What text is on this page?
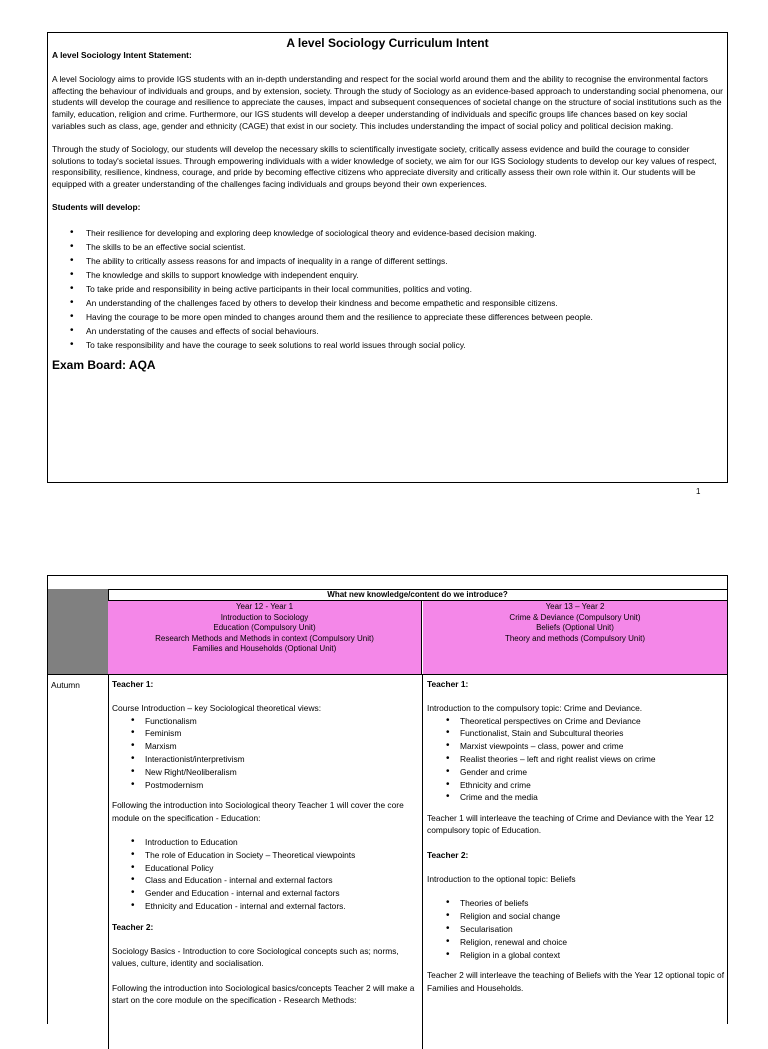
A level Sociology Curriculum Intent

A level Sociology Intent Statement:

A level Sociology aims to provide IGS students with an in-depth understanding and respect for the social world around them and the ability to recognise the environmental factors affecting the behaviour of individuals and groups, and by extension, society. Through the study of Sociology as an evidence-based approach to understanding social phenomena, our students will develop the courage and resilience to appreciate the causes, impact and subsequent consequences of societal change on the structure of social institutions such as the family, education, religion and crime. Furthermore, our IGS students will develop a deeper understanding of individuals and specific groups life chances based on key social variables such as class, age, gender and ethnicity (CAGE) that exist in our society. This includes understanding the impact of social policy and political decision making.

Through the study of Sociology, our students will develop the necessary skills to scientifically investigate society, critically assess evidence and build the courage to consider solutions to today's societal issues. Through empowering individuals with a wider knowledge of society, we aim for our IGS Sociology students to develop our key values of respect, responsibility, resilience, kindness, courage, and pride by becoming effective citizens who appreciate diversity and critically assess their own role within it. Our students will be equipped with a greater understanding of the challenges facing individuals and groups beyond their own experiences.

Students will develop:

• Their resilience for developing and exploring deep knowledge of sociological theory and evidence-based decision making.
• The skills to be an effective social scientist.
• The ability to critically assess reasons for and impacts of inequality in a range of different settings.
• The knowledge and skills to support knowledge with independent enquiry.
• To take pride and responsibility in being active participants in their local communities, politics and voting.
• An understanding of the challenges faced by others to develop their kindness and become empathetic and responsible citizens.
• Having the courage to be more open minded to changes around them and the resilience to appreciate these differences between people.
• An understating of the causes and effects of social behaviours.
• To take responsibility and have the courage to seek solutions to real world issues through social policy.
Exam Board: AQA
1
What new knowledge/content do we introduce?
Year 12 - Year 1
Introduction to Sociology
Education (Compulsory Unit)
Research Methods and Methods in context (Compulsory Unit)
Families and Households (Optional Unit)
Year 13 – Year 2
Crime & Deviance (Compulsory Unit)
Beliefs (Optional Unit)
Theory and methods (Compulsory Unit)
Autumn	Teacher 1:

Course Introduction – key Sociological theoretical views:

• Functionalism
• Feminism
• Marxism
• Interactionist/interpretivism
• New Right/Neoliberalism
• Postmodernism

Following the introduction into Sociological theory Teacher 1 will cover the core module on the specification - Education:

• Introduction to Education
• The role of Education in Society – Theoretical viewpoints
• Educational Policy
• Class and Education - internal and external factors
• Gender and Education - internal and external factors
• Ethnicity and Education - internal and external factors.

Teacher 2:

Sociology Basics - Introduction to core Sociological concepts such as; norms, values, culture, identity and socialisation.

Following the introduction into Sociological basics/concepts Teacher 2 will make a start on the core module on the specification - Research Methods:

Teacher 1:

Introduction to the compulsory topic: Crime and Deviance.

• Theoretical perspectives on Crime and Deviance
• Functionalist, Stain and Subcultural theories
• Marxist viewpoints – class, power and crime
• Realist theories – left and right realist views on crime
• Gender and crime
• Ethnicity and crime
• Crime and the media

Teacher 1 will interleave the teaching of Crime and Deviance with the Year 12 compulsory topic of Education.

Teacher 2:

Introduction to the optional topic: Beliefs

• Theories of beliefs
• Religion and social change
• Secularisation
• Religion, renewal and choice
• Religion in a global context

Teacher 2 will interleave the teaching of Beliefs with the Year 12 optional topic of Families and Households.
